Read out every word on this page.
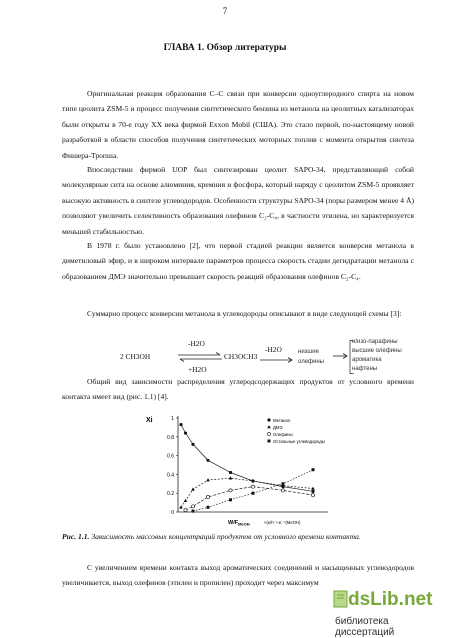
7
ГЛАВА 1. Обзор литературы
Оригинальная реакция образования С–С связи при конверсии одноуглеродного спирта на новом типе цеолита ZSM-5 и процесс получения синтетического бензина из метанола на цеолитных катализаторах были открыты в 70-е году ХХ века фирмой Exxon Mobil (США). Это стало первой, по-настоящему новой разработкой в области способов получения синтетических моторных топлив с момента открытия синтеза Фишера-Тропша.
Впоследствии фирмой UOP был синтезирован цеолит SAPO-34, представляющий собой молекулярные сита на основе алюминия, кремния и фосфора, который наряду с цеолитом ZSM-5 проявляет высокую активность в синтезе углеводородов. Особенности структуры SAPO-34 (поры размером менее 4 Å) позволяют увеличить селективность образования олефинов С₂-С₄, в частности этилена, но характеризуется меньшей стабильностью.
В 1978 г. было установлено [2], что первой стадией реакции является конверсия метанола в диметиловый эфир, и в широком интервале параметров процесса скорость стадии дегидратации метанола с образованием ДМЭ значительно превышает скорость реакций образования олефинов С₂-С₄.
Суммарно процесс конверсии метанола в углеводороды описывают в виде следующей схемы [3]:
-H2O
2 CH3OH	CH3OCH3
+H2O
-H2O	низшие
олефины
н/изо-парафины
высшие олефины
ароматика
нафтены
Общий вид зависимости распределения углеродсодержащих продуктов от условного времени контакта имеет вид (рис. 1.1) [4].
Xi
0
0.2
0.4
0.6
0.8
1	Метанол
ДМЭ
Олефины
Остальные углеводороды
$W/F_{MeOH}$	×(кгh⁻¹·кг⁻¹(MeOH)
Рис. 1.1. Зависимость массовых концентраций продуктов от условного времени контакта.
С увеличением времени контакта выход ароматических соединений и насыщенных углеводородов увеличивается, выход олефинов (этилен и пропилен) проходит через максимум
dsLib.net
библиотека диссертаций
